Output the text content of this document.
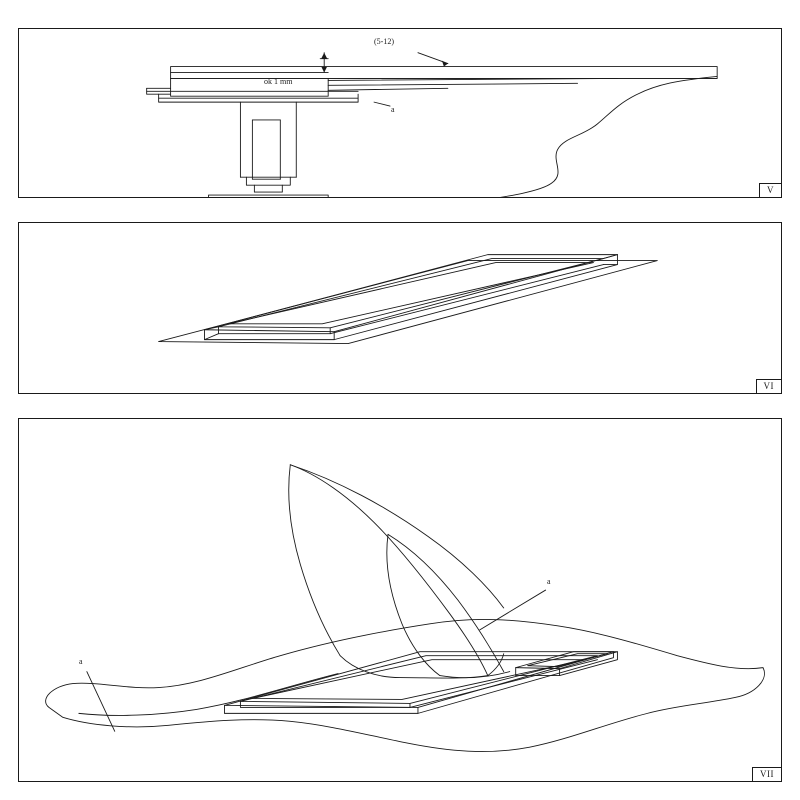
ok 1 mm
(5-12)
a
V
VI
a
a
VII
